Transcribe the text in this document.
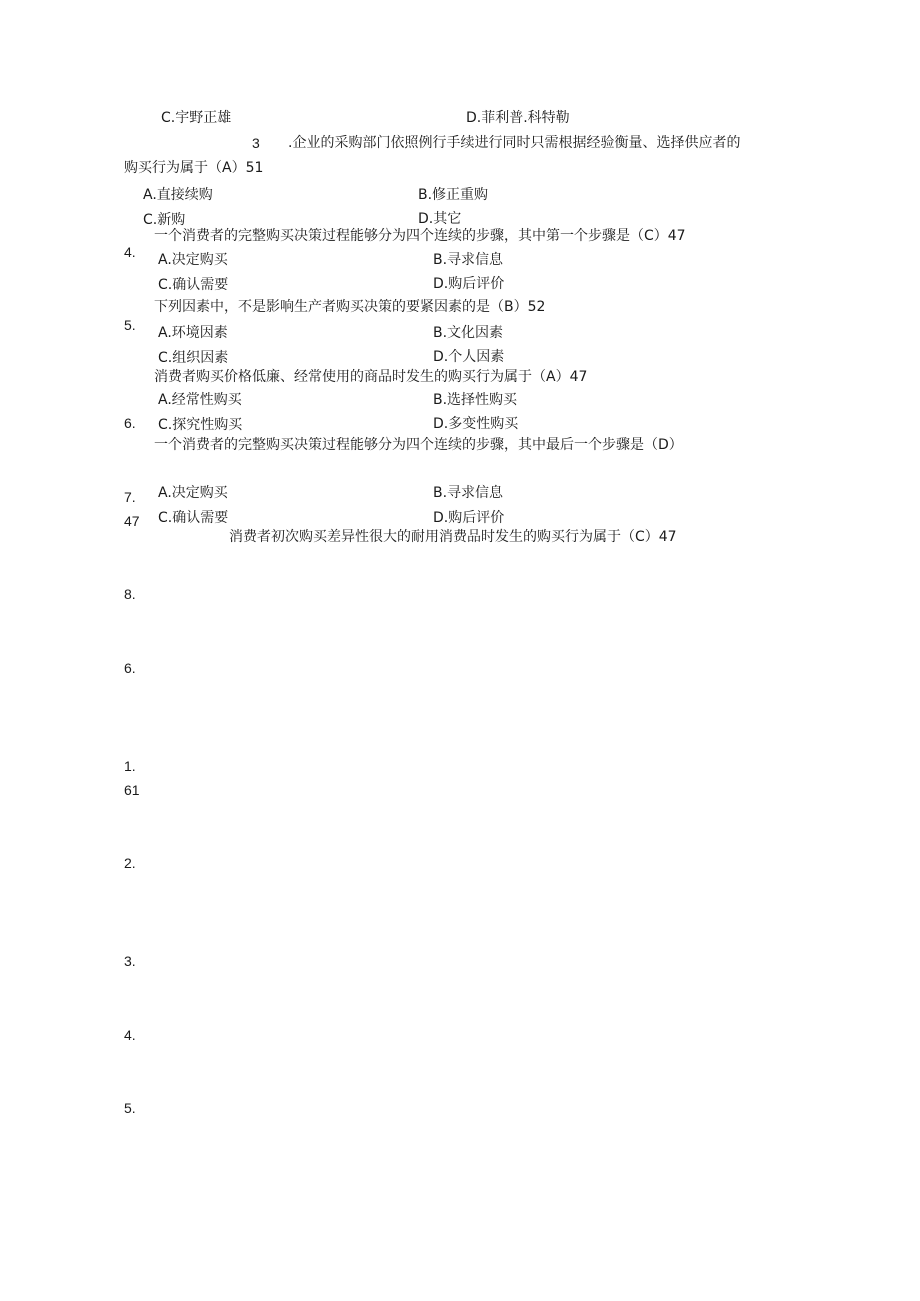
C.宇野正雄	D.菲利普.科特勒
3 .企业的采购部门依照例行手续进行同时只需根据经验衡量、选择供应者的
购买行为属于（A）51
A.直接续购	B.修正重购
C.新购	D.其它
一个消费者的完整购买决策过程能够分为四个连续的步骤，其中第一个步骤是（C）47
4. A.决定购买	B.寻求信息
C.确认需要	D.购后评价
下列因素中，不是影响生产者购买决策的要紧因素的是（B）52
5. A.环境因素	B.文化因素
C.组织因素	D.个人因素
消费者购买价格低廉、经常使用的商品时发生的购买行为属于（A）47
A.经常性购买	B.选择性购买
6. C.探究性购买	D.多变性购买
一个消费者的完整购买决策过程能够分为四个连续的步骤，其中最后一个步骤是（D）
7. A.决定购买	B.寻求信息
47 C.确认需要	D.购后评价
消费者初次购买差异性很大的耐用消费品时发生的购买行为属于（C）47
8.
6.
1.
61
2.
3.
4.
5.
